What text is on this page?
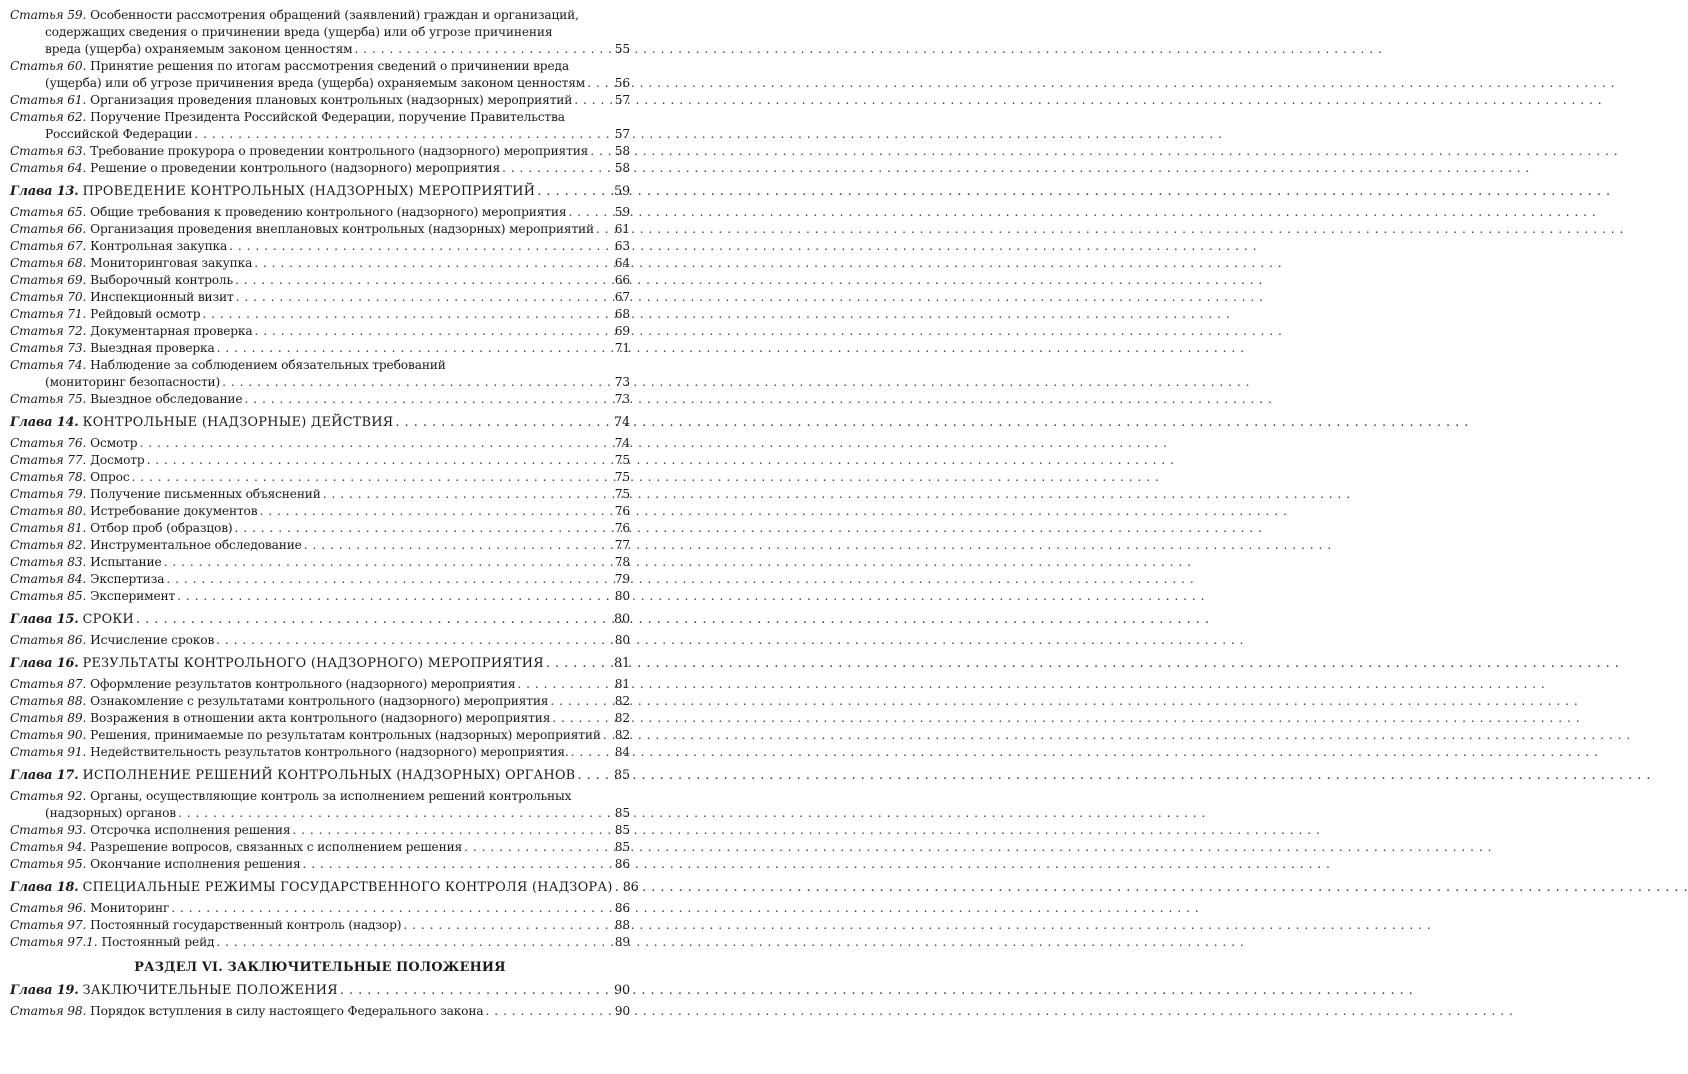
Статья 59. Особенности рассмотрения обращений (заявлений) граждан и организаций,
содержащих сведения о причинении вреда (ущерба) или об угрозе причинения
вреда (ущерба) охраняемым законом ценностям . . .	55
Статья 60. Принятие решения по итогам рассмотрения сведений о причинении вреда
(ущерба) или об угрозе причинения вреда (ущерба) охраняемым законом ценностям . . . 56
Статья 61. Организация проведения плановых контрольных (надзорных) мероприятий . . .	57
Статья 62. Поручение Президента Российской Федерации, поручение Правительства
Российской Федерации . . .	57
Статья 63. Требование прокурора о проведении контрольного (надзорного) мероприятия . . . 58
Статья 64. Решение о проведении контрольного (надзорного) мероприятия . . .	58
Глава 13. ПРОВЕДЕНИЕ КОНТРОЛЬНЫХ (НАДЗОРНЫХ) МЕРОПРИЯТИЙ . . .	59
Статья 65. Общие требования к проведению контрольного (надзорного) мероприятия . . .	59
Статья 66. Организация проведения внеплановых контрольных (надзорных) мероприятий . . . 61
Статья 67. Контрольная закупка . . .	63
Статья 68. Мониторинговая закупка . . .	64
Статья 69. Выборочный контроль . . .	66
Статья 70. Инспекционный визит . . .	67
Статья 71. Рейдовый осмотр . . .	68
Статья 72. Документарная проверка . . .	69
Статья 73. Выездная проверка . . .	71
Статья 74. Наблюдение за соблюдением обязательных требований
(мониторинг безопасности) . . .	73
Статья 75. Выездное обследование . . .	73
Глава 14. КОНТРОЛЬНЫЕ (НАДЗОРНЫЕ) ДЕЙСТВИЯ . . .	74
Статья 76. Осмотр . . .	74
Статья 77. Досмотр . . .	75
Статья 78. Опрос . . .	75
Статья 79. Получение письменных объяснений . . .	75
Статья 80. Истребование документов . . .	76
Статья 81. Отбор проб (образцов) . . .	76
Статья 82. Инструментальное обследование . . .	77
Статья 83. Испытание . . .	78
Статья 84. Экспертиза . . .	79
Статья 85. Эксперимент . . .	80
Глава 15. СРОКИ . . .	80
Статья 86. Исчисление сроков . . .	80
Глава 16. РЕЗУЛЬТАТЫ КОНТРОЛЬНОГО (НАДЗОРНОГО) МЕРОПРИЯТИЯ . . .	81
Статья 87. Оформление результатов контрольного (надзорного) мероприятия . . .	81
Статья 88. Ознакомление с результатами контрольного (надзорного) мероприятия . . .	82
Статья 89. Возражения в отношении акта контрольного (надзорного) мероприятия . . .	82
Статья 90. Решения, принимаемые по результатам контрольных (надзорных) мероприятий . . . 82
Статья 91. Недействительность результатов контрольного (надзорного) мероприятия. . . .	84
Глава 17. ИСПОЛНЕНИЕ РЕШЕНИЙ КОНТРОЛЬНЫХ (НАДЗОРНЫХ) ОРГАНОВ . . .	85
Статья 92. Органы, осуществляющие контроль за исполнением решений контрольных
(надзорных) органов . . .	85
Статья 93. Отсрочка исполнения решения . . .	85
Статья 94. Разрешение вопросов, связанных с исполнением решения . . .	85
Статья 95. Окончание исполнения решения . . .	86
Глава 18. СПЕЦИАЛЬНЫЕ РЕЖИМЫ ГОСУДАРСТВЕННОГО КОНТРОЛЯ (НАДЗОРА) . . . 86
Статья 96. Мониторинг . . .	86
Статья 97. Постоянный государственный контроль (надзор) . . .	88
Статья 97.1. Постоянный рейд . . .	89
РАЗДЕЛ VI. ЗАКЛЮЧИТЕЛЬНЫЕ ПОЛОЖЕНИЯ
Глава 19. ЗАКЛЮЧИТЕЛЬНЫЕ ПОЛОЖЕНИЯ . . .	90
Статья 98. Порядок вступления в силу настоящего Федерального закона . . .	90
